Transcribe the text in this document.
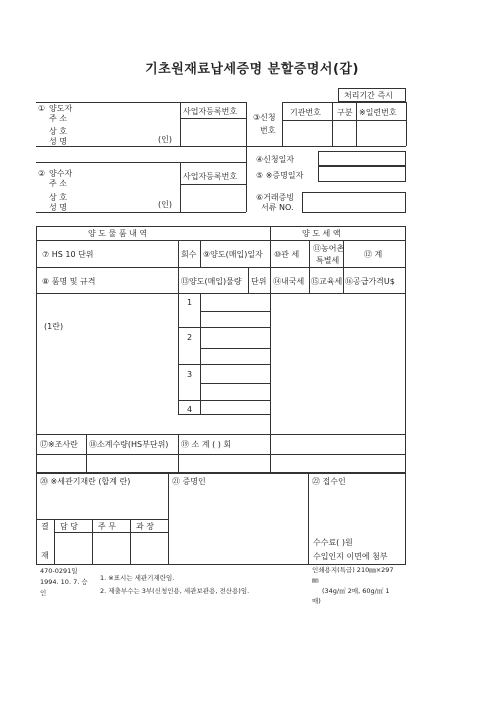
기초원재료납세증명 분할증명서(갑)
처리기간 즉시
① 양도자
주 소
상 호
성 명	(인)
사업자등록번호
③신청
번호
기관번호 구분 ※일련번호
② 양수자
주 소
상 호
성 명	(인)
사업자등록번호
④신청일자
⑤ ※증명일자
⑥거래증빙
서류 NO.
양 도 물 품 내 역	양 도 세 액
⑦ HS 10 단위	회수 ⑨양도(매입)일자 ⑩관 세
⑪농어촌
특별세
⑫ 계
⑧ 품명 및 규격	⑬양도(매입)물량 단위 ⑭내국세 ⑮교육세 ⑯공급가격U$
(1란)
1
2
3
4
⑰※조사란 ⑱소계수량(HS부단위) ⑲ 소 계 ( ) 회
⑳ ※세관기재란 (합계 란)	㉑ 증명인	㉒ 접수인
결
재
담 당	주 무	과 장
수수료( )원
수입인지 이면에 첨부
470-0291일
1994. 10. 7. 승
인
1. ※표시는 세관기재란임.
2. 제출부수는 3부(신청인용, 세관보관용, 전산용)임.
인쇄용지(특급) 210㎜×297
㎜
(34g/㎡ 2매, 60g/㎡ 1
매)
